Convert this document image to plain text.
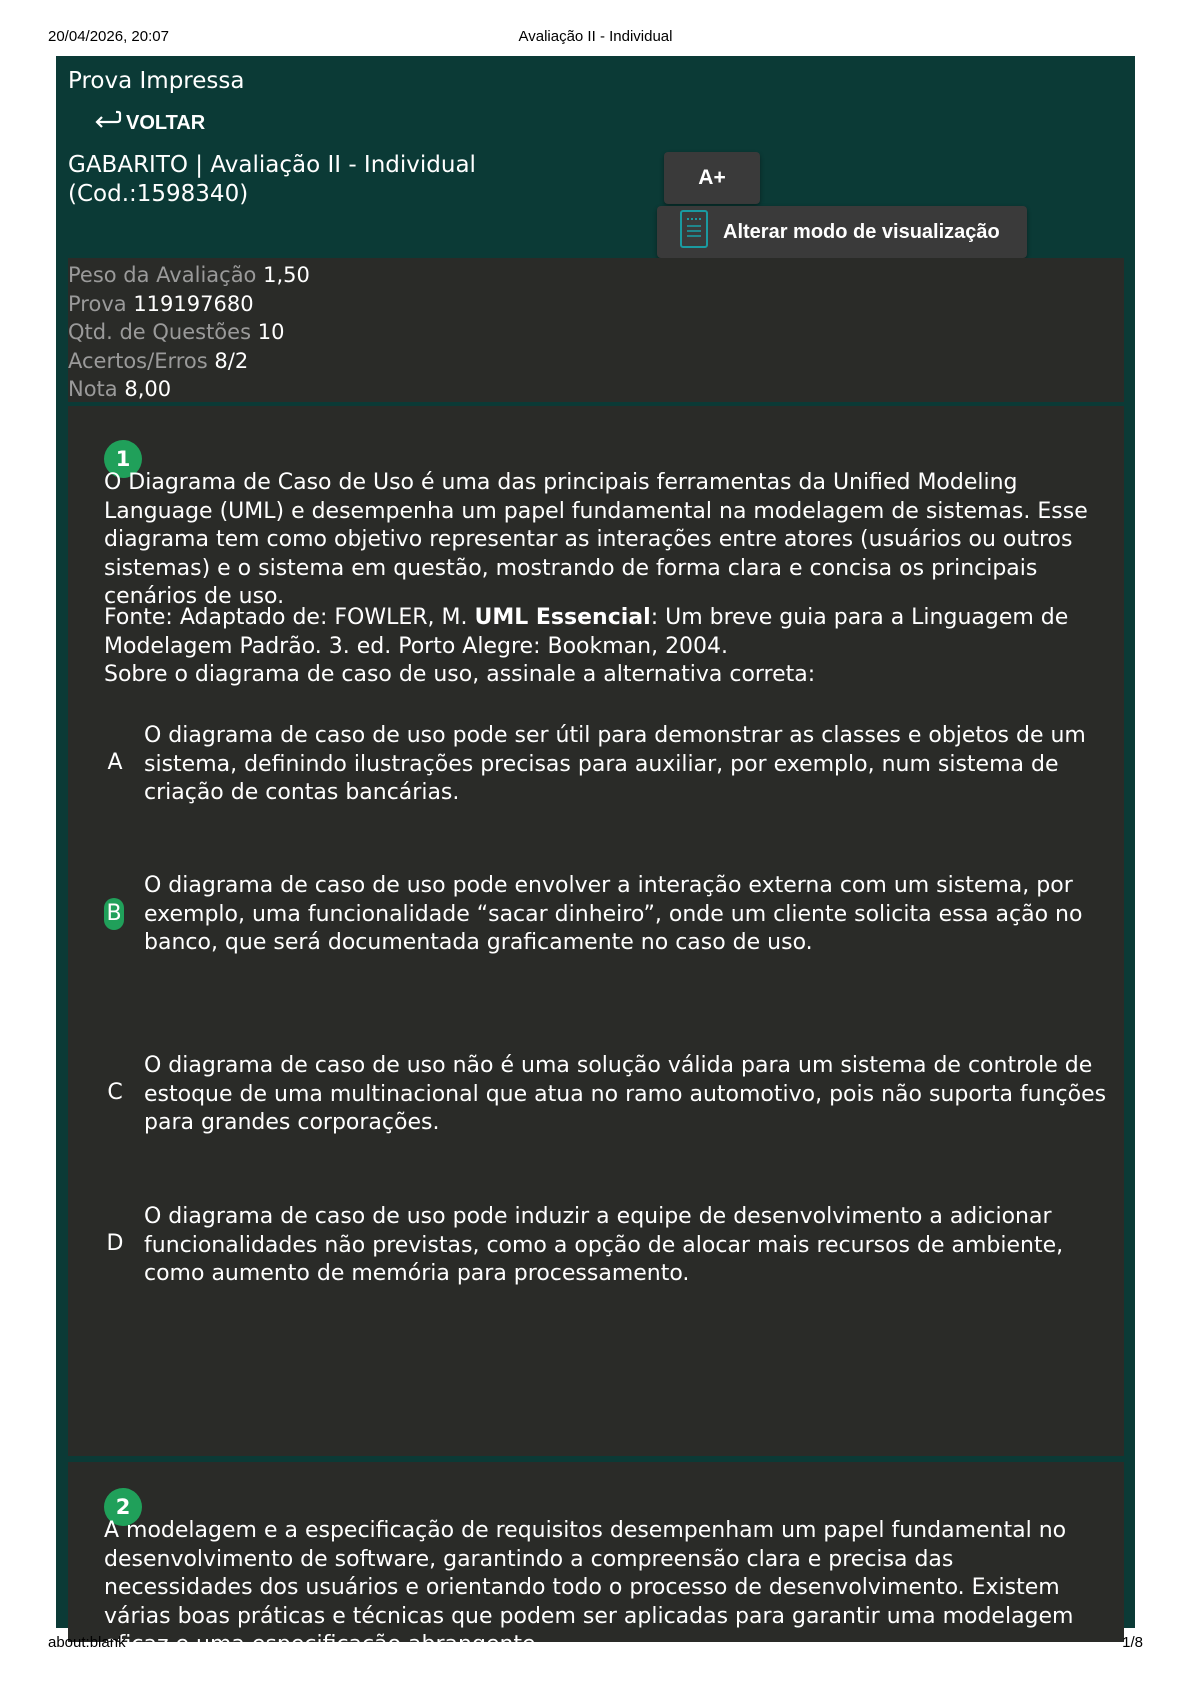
20/04/2026, 20:07	Avaliação II - Individual
Prova Impressa
VOLTAR
GABARITO | Avaliação II - Individual (Cod.:1598340)
A+
Alterar modo de visualização
Peso da Avaliação 1,50
Prova 119197680
Qtd. de Questões 10
Acertos/Erros 8/2
Nota 8,00
1
O Diagrama de Caso de Uso é uma das principais ferramentas da Unified Modeling Language (UML) e desempenha um papel fundamental na modelagem de sistemas. Esse diagrama tem como objetivo representar as interações entre atores (usuários ou outros sistemas) e o sistema em questão, mostrando de forma clara e concisa os principais cenários de uso.
Fonte: Adaptado de: FOWLER, M. UML Essencial: Um breve guia para a Linguagem de Modelagem Padrão. 3. ed. Porto Alegre: Bookman, 2004.
Sobre o diagrama de caso de uso, assinale a alternativa correta:
A
O diagrama de caso de uso pode ser útil para demonstrar as classes e objetos de um sistema, definindo ilustrações precisas para auxiliar, por exemplo, num sistema de criação de contas bancárias.
B
O diagrama de caso de uso pode envolver a interação externa com um sistema, por exemplo, uma funcionalidade “sacar dinheiro”, onde um cliente solicita essa ação no banco, que será documentada graficamente no caso de uso.
C
O diagrama de caso de uso não é uma solução válida para um sistema de controle de estoque de uma multinacional que atua no ramo automotivo, pois não suporta funções para grandes corporações.
D
O diagrama de caso de uso pode induzir a equipe de desenvolvimento a adicionar funcionalidades não previstas, como a opção de alocar mais recursos de ambiente, como aumento de memória para processamento.
2
A modelagem e a especificação de requisitos desempenham um papel fundamental no desenvolvimento de software, garantindo a compreensão clara e precisa das necessidades dos usuários e orientando todo o processo de desenvolvimento. Existem várias boas práticas e técnicas que podem ser aplicadas para garantir uma modelagem eficaz e uma especificação abrangente
about:blank	1/8
